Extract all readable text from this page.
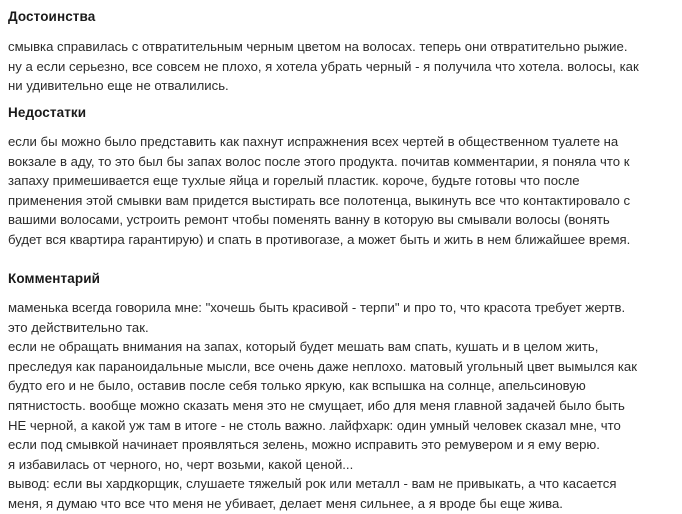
Достоинства

смывка справилась с отвратительным черным цветом на волосах. теперь они отвратительно рыжие.
ну а если серьезно, все совсем не плохо, я хотела убрать черный - я получила что хотела. волосы, как
ни удивительно еще не отвалились.

Недостатки

если бы можно было представить как пахнут испражнения всех чертей в общественном туалете на
вокзале в аду, то это был бы запах волос после этого продукта. почитав комментарии, я поняла что к
запаху примешивается еще тухлые яйца и горелый пластик. короче, будьте готовы что после
применения этой смывки вам придется выстирать все полотенца, выкинуть все что контактировало с
вашими волосами, устроить ремонт чтобы поменять ванну в которую вы смывали волосы (вонять
будет вся квартира гарантирую) и спать в противогазе, а может быть и жить в нем ближайшее время.

Комментарий

маменька всегда говорила мне: "хочешь быть красивой - терпи" и про то, что красота требует жертв.
это действительно так.
если не обращать внимания на запах, который будет мешать вам спать, кушать и в целом жить,
преследуя как параноидальные мысли, все очень даже неплохо. матовый угольный цвет вымылся как
будто его и не было, оставив после себя только яркую, как вспышка на солнце, апельсиновую
пятнистость. вообще можно сказать меня это не смущает, ибо для меня главной задачей было быть
НЕ черной, а какой уж там в итоге - не столь важно. лайфхарк: один умный человек сказал мне, что
если под смывкой начинает проявляться зелень, можно исправить это ремувером и я ему верю.
я избавилась от черного, но, черт возьми, какой ценой...
вывод: если вы хардкорщик, слушаете тяжелый рок или металл - вам не привыкать, а что касается
меня, я думаю что все что меня не убивает, делает меня сильнее, а я вроде бы еще жива.
